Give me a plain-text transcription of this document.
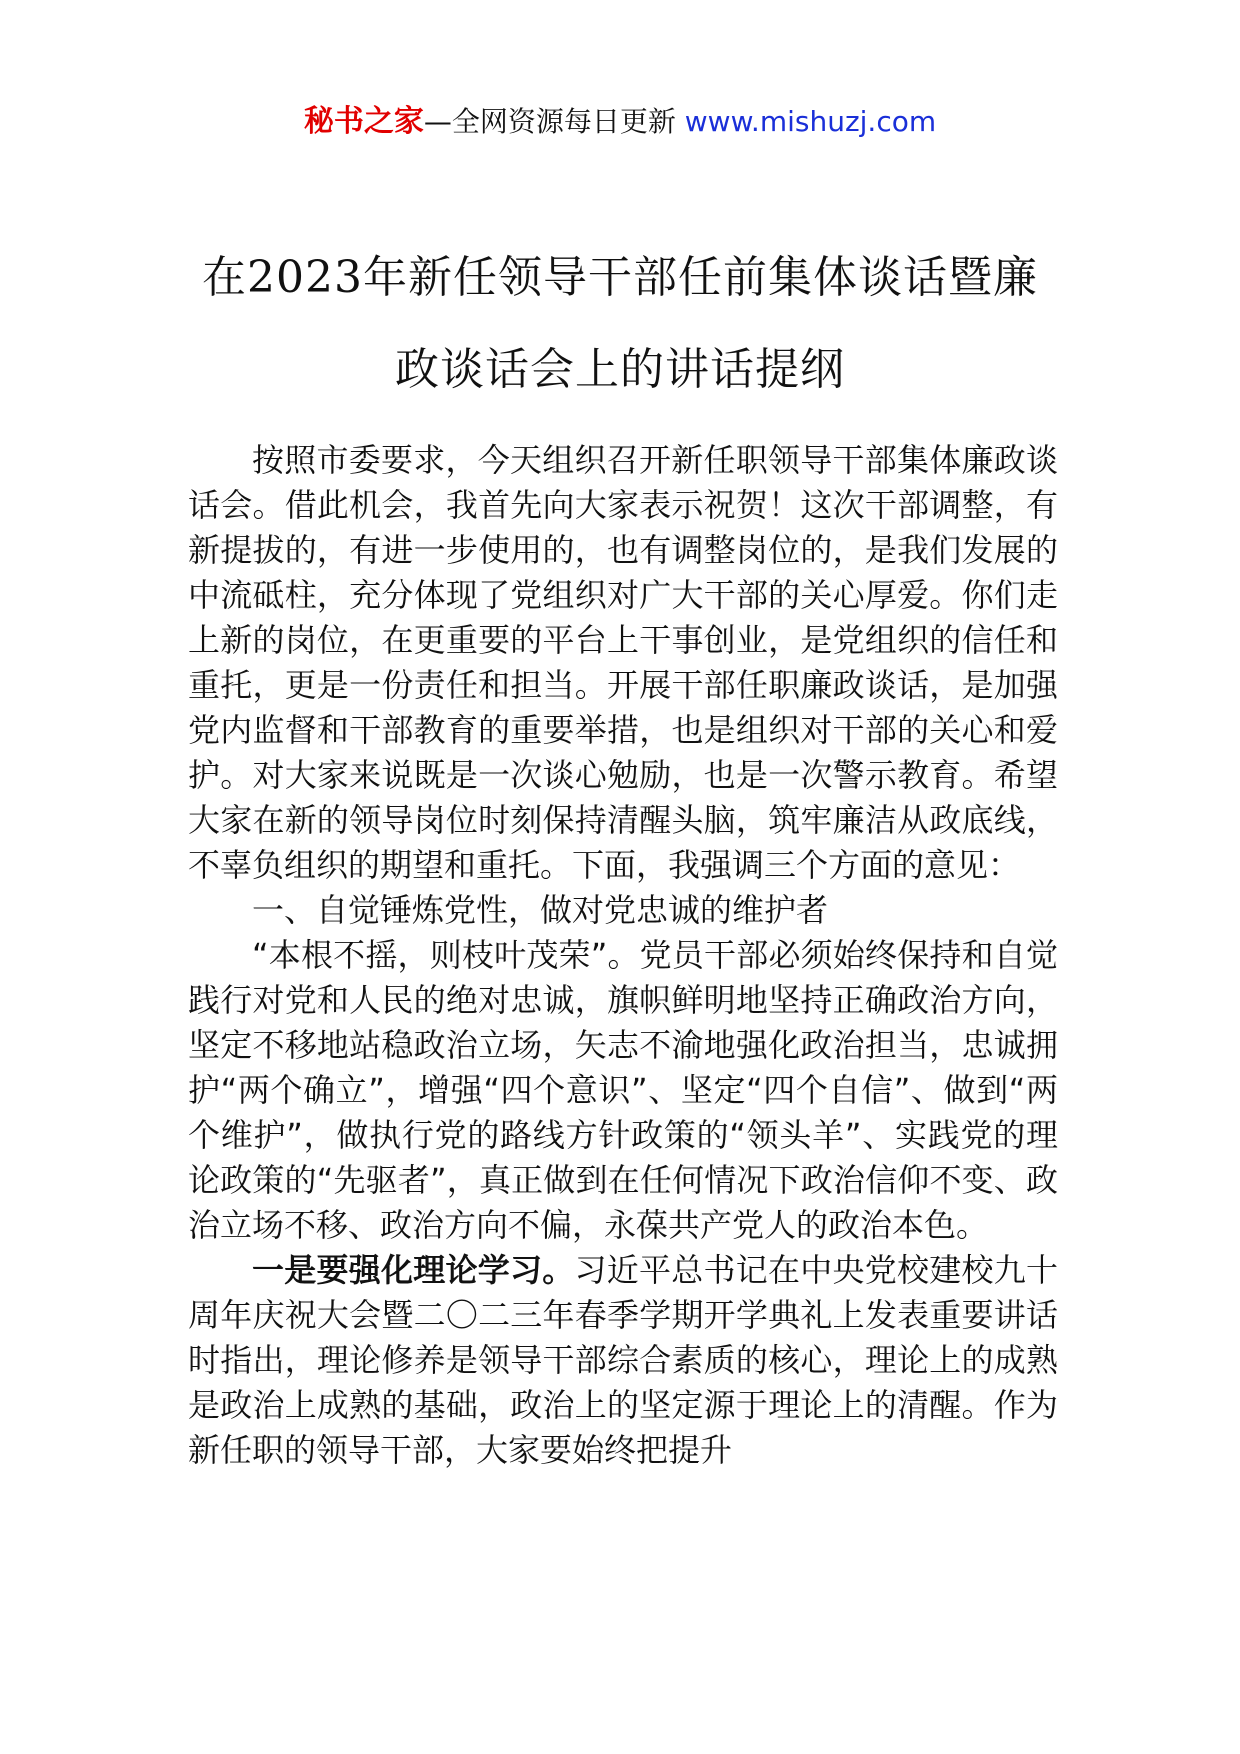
秘书之家—全网资源每日更新 www.mishuzj.com
在2023年新任领导干部任前集体谈话暨廉
政谈话会上的讲话提纲

按照市委要求，今天组织召开新任职领导干部集体廉政谈话会。借此机会，我首先向大家表示祝贺！这次干部调整，有新提拔的，有进一步使用的，也有调整岗位的，是我们发展的中流砥柱，充分体现了党组织对广大干部的关心厚爱。你们走上新的岗位，在更重要的平台上干事创业，是党组织的信任和重托，更是一份责任和担当。开展干部任职廉政谈话，是加强党内监督和干部教育的重要举措，也是组织对干部的关心和爱护。对大家来说既是一次谈心勉励，也是一次警示教育。希望大家在新的领导岗位时刻保持清醒头脑，筑牢廉洁从政底线，不辜负组织的期望和重托。下面，我强调三个方面的意见：

一、自觉锤炼党性，做对党忠诚的维护者

“本根不摇，则枝叶茂荣”。党员干部必须始终保持和自觉践行对党和人民的绝对忠诚，旗帜鲜明地坚持正确政治方向，坚定不移地站稳政治立场，矢志不渝地强化政治担当，忠诚拥护“两个确立”，增强“四个意识”、坚定“四个自信”、做到“两个维护”，做执行党的路线方针政策的“领头羊”、实践党的理论政策的“先驱者”，真正做到在任何情况下政治信仰不变、政治立场不移、政治方向不偏，永葆共产党人的政治本色。

一是要强化理论学习。习近平总书记在中央党校建校九十周年庆祝大会暨二〇二三年春季学期开学典礼上发表重要讲话时指出，理论修养是领导干部综合素质的核心，理论上的成熟是政治上成熟的基础，政治上的坚定源于理论上的清醒。作为新任职的领导干部，大家要始终把提升
